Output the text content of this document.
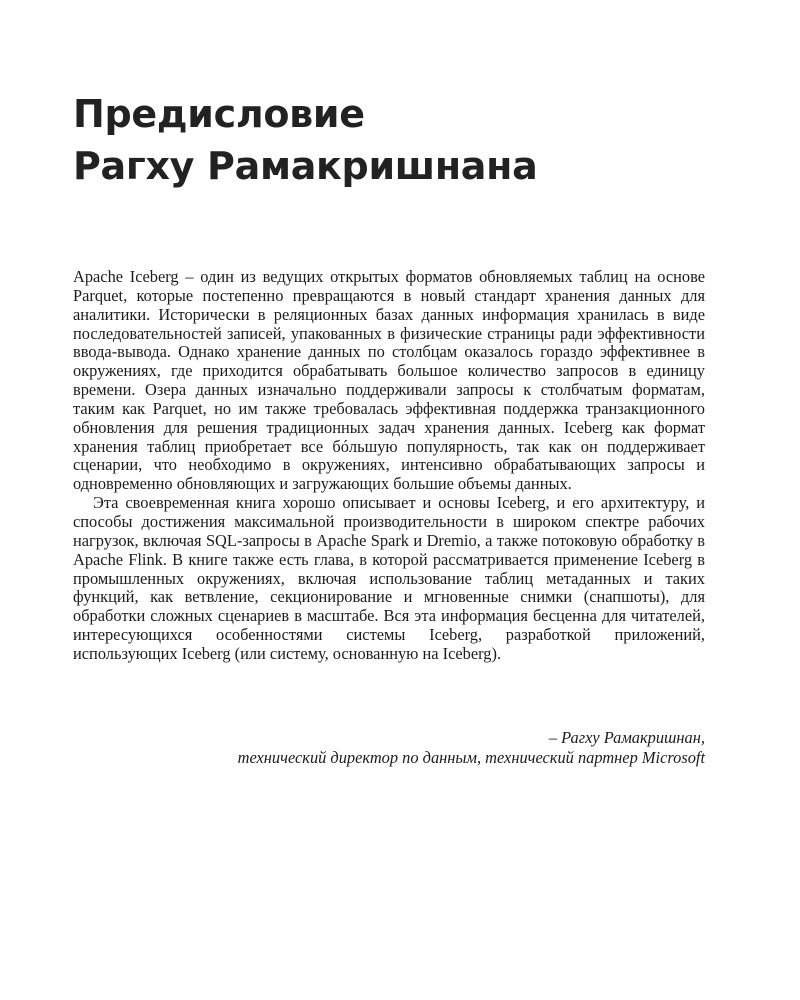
Предисловие
Рагху Рамакришнана

Apache Iceberg – один из ведущих открытых форматов обновляемых таблиц на основе Parquet, которые постепенно превращаются в новый стандарт хранения данных для аналитики. Исторически в реляционных базах данных информация хранилась в виде последовательностей записей, упакованных в физические страницы ради эффективности ввода-вывода. Однако хранение данных по столбцам оказалось гораздо эффективнее в окружениях, где приходится обрабатывать большое количество запросов в единицу времени. Озера данных изначально поддерживали запросы к столбчатым форматам, таким как Parquet, но им также требовалась эффективная поддержка транзакционного обновления для решения традиционных задач хранения данных. Iceberg как формат хранения таблиц приобретает все бóльшую популярность, так как он поддерживает сценарии, что необходимо в окружениях, интенсивно обрабатывающих запросы и одновременно обновляющих и загружающих большие объемы данных.

Эта своевременная книга хорошо описывает и основы Iceberg, и его архитектуру, и способы достижения максимальной производительности в широком спектре рабочих нагрузок, включая SQL-запросы в Apache Spark и Dremio, а также потоковую обработку в Apache Flink. В книге также есть глава, в которой рассматривается применение Iceberg в промышленных окружениях, включая использование таблиц метаданных и таких функций, как ветвление, секционирование и мгновенные снимки (снапшоты), для обработки сложных сценариев в масштабе. Вся эта информация бесценна для читателей, интересующихся особенностями системы Iceberg, разработкой приложений, использующих Iceberg (или систему, основанную на Iceberg).

– Рагху Рамакришнан,
технический директор по данным, технический партнер Microsoft
